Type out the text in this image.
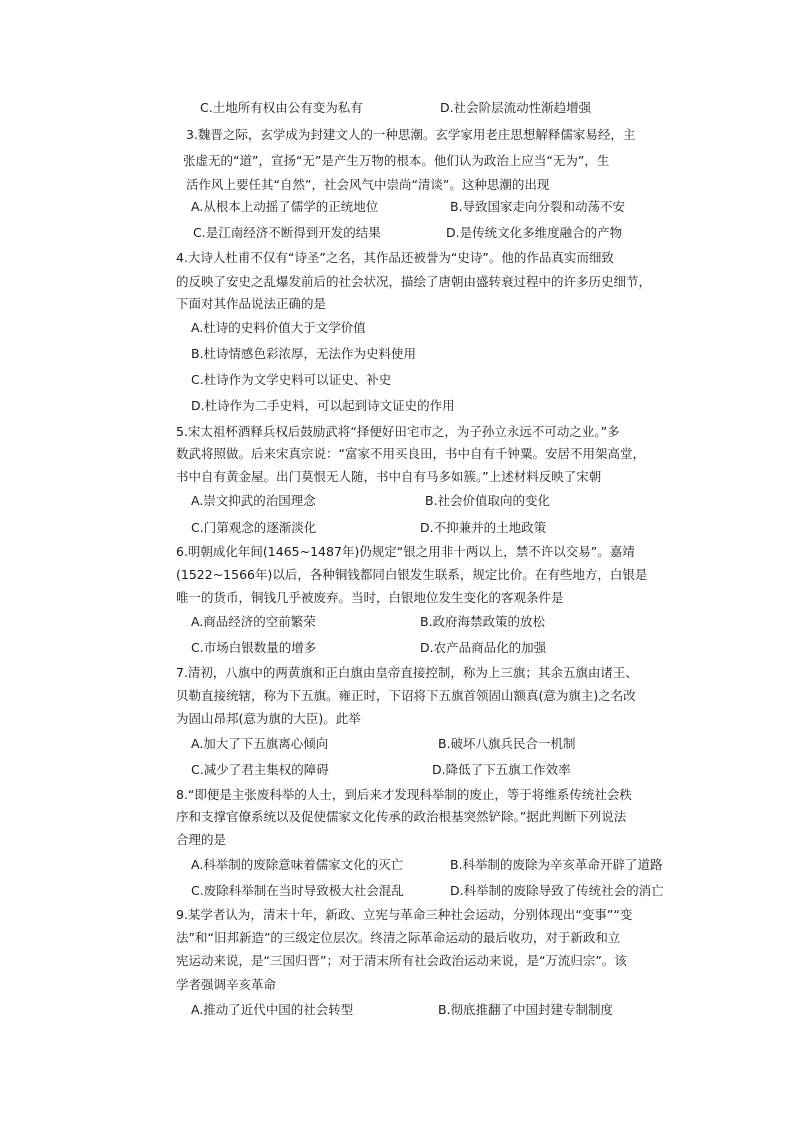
C.土地所有权由公有变为私有	D.社会阶层流动性渐趋增强
3.魏晋之际，玄学成为封建文人的一种思潮。玄学家用老庄思想解释儒家易经，主
张虚无的“道”，宣扬“无”是产生万物的根本。他们认为政治上应当“无为”，生
活作风上要任其“自然”，社会风气中崇尚“清谈”。这种思潮的出现
A.从根本上动摇了儒学的正统地位	B.导致国家走向分裂和动荡不安
C.是江南经济不断得到开发的结果	D.是传统文化多维度融合的产物
4.大诗人杜甫不仅有“诗圣”之名，其作品还被誉为“史诗”。他的作品真实而细致
的反映了安史之乱爆发前后的社会状况，描绘了唐朝由盛转衰过程中的许多历史细节，
下面对其作品说法正确的是
A.杜诗的史料价值大于文学价值
B.杜诗情感色彩浓厚，无法作为史料使用
C.杜诗作为文学史料可以证史、补史
D.杜诗作为二手史料，可以起到诗文证史的作用
5.宋太祖杯酒释兵权后鼓励武将“择便好田宅市之，为子孙立永远不可动之业。”多
数武将照做。后来宋真宗说：“富家不用买良田，书中自有千钟粟。安居不用架高堂，
书中自有黄金屋。出门莫恨无人随，书中自有马多如簇。”上述材料反映了宋朝
A.崇文抑武的治国理念	B.社会价值取向的变化
C.门第观念的逐渐淡化	D.不抑兼并的土地政策
6.明朝成化年间(1465~1487年)仍规定“银之用非十两以上，禁不许以交易”。嘉靖
(1522~1566年)以后，各种铜钱都同白银发生联系，规定比价。在有些地方，白银是
唯一的货币，铜钱几乎被废弃。当时，白银地位发生变化的客观条件是
A.商品经济的空前繁荣	B.政府海禁政策的放松
C.市场白银数量的增多	D.农产品商品化的加强
7.清初，八旗中的两黄旗和正白旗由皇帝直接控制，称为上三旗；其余五旗由诸王、
贝勒直接统辖，称为下五旗。雍正时，下诏将下五旗首领固山额真(意为旗主)之名改
为固山昂邦(意为旗的大臣)。此举
A.加大了下五旗离心倾向	B.破坏八旗兵民合一机制
C.减少了君主集权的障碍	D.降低了下五旗工作效率
8.“即便是主张废科举的人士，到后来才发现科举制的废止，等于将维系传统社会秩
序和支撑官僚系统以及促使儒家文化传承的政治根基突然铲除。”据此判断下列说法
合理的是
A.科举制的废除意味着儒家文化的灭亡	B.科举制的废除为辛亥革命开辟了道路
C.废除科举制在当时导致极大社会混乱	D.科举制的废除导致了传统社会的消亡
9.某学者认为，清末十年，新政、立宪与革命三种社会运动，分别体现出“变事”“变
法”和“旧邦新造”的三级定位层次。终清之际革命运动的最后收功，对于新政和立
宪运动来说，是“三国归晋”；对于清末所有社会政治运动来说，是“万流归宗”。该
学者强调辛亥革命
A.推动了近代中国的社会转型	B.彻底推翻了中国封建专制制度
